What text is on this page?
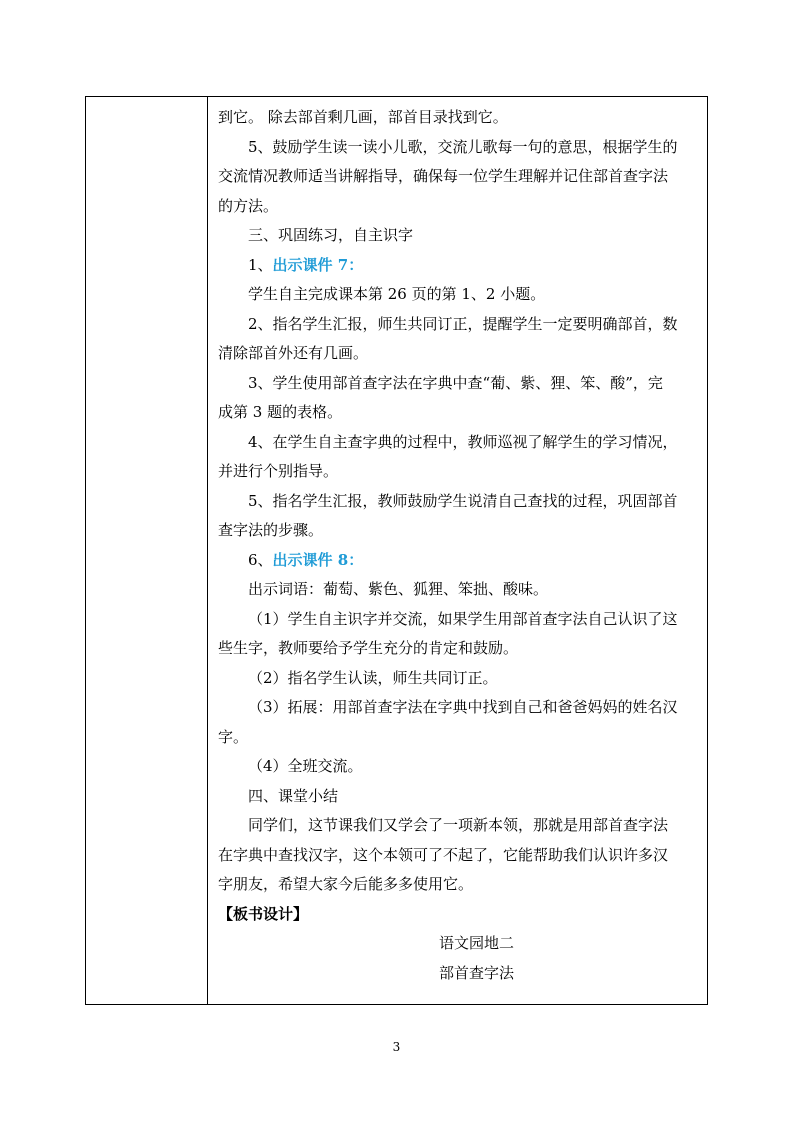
到它。 除去部首剩几画，部首目录找到它。

5、鼓励学生读一读小儿歌，交流儿歌每一句的意思，根据学生的

交流情况教师适当讲解指导，确保每一位学生理解并记住部首查字法

的方法。

三、巩固练习，自主识字

1、出示课件 7：

学生自主完成课本第 26 页的第 1、2 小题。

2、指名学生汇报，师生共同订正，提醒学生一定要明确部首，数

清除部首外还有几画。

3、学生使用部首查字法在字典中查“葡、紫、狸、笨、酸”，完

成第 3 题的表格。

4、在学生自主查字典的过程中，教师巡视了解学生的学习情况，

并进行个别指导。

5、指名学生汇报，教师鼓励学生说清自己查找的过程，巩固部首

查字法的步骤。

6、出示课件 8：

出示词语：葡萄、紫色、狐狸、笨拙、酸味。

（1）学生自主识字并交流，如果学生用部首查字法自己认识了这

些生字，教师要给予学生充分的肯定和鼓励。

（2）指名学生认读，师生共同订正。

（3）拓展：用部首查字法在字典中找到自己和爸爸妈妈的姓名汉

字。

（4）全班交流。

四、课堂小结

同学们，这节课我们又学会了一项新本领，那就是用部首查字法

在字典中查找汉字，这个本领可了不起了，它能帮助我们认识许多汉

字朋友，希望大家今后能多多使用它。

【板书设计】

语文园地二

部首查字法

3
